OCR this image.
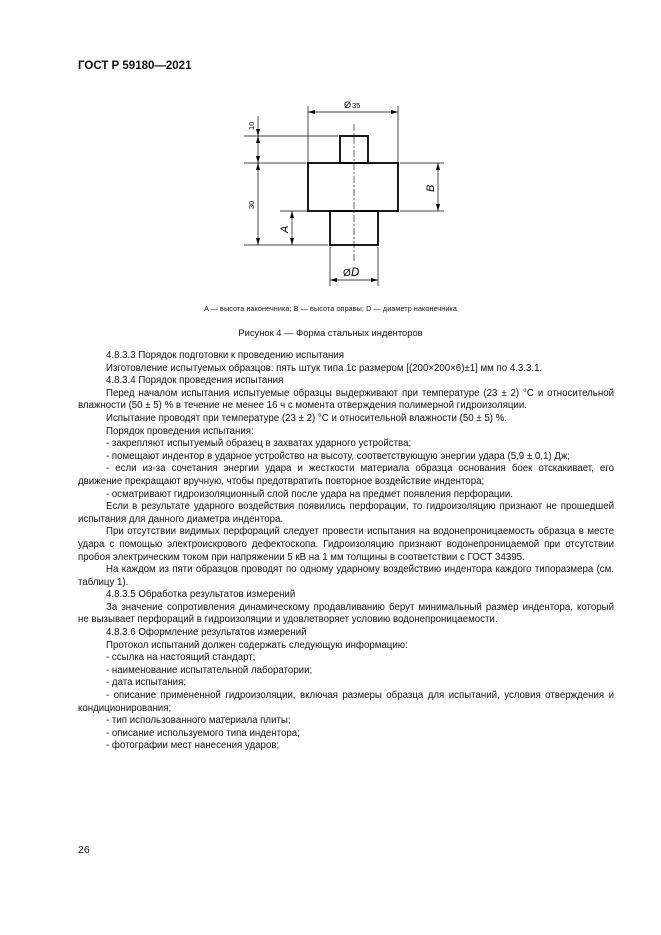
ГОСТ Р 59180—2021
Ø 35
10
30
A
B
Ø D
A — высота наконечника; B — высота оправы; D — диаметр наконечника
Рисунок 4 — Форма стальных инденторов

4.8.3.3 Порядок подготовки к проведению испытания

Изготовление испытуемых образцов: пять штук типа 1с размером [(200×200×6)±1] мм по 4.3.3.1.

4.8.3.4 Порядок проведения испытания

Перед началом испытания испытуемые образцы выдерживают при температуре (23 ± 2) °С и относительной влажности (50 ± 5) % в течение не менее 16 ч с момента отверждения полимерной гидроизоляции.

Испытание проводят при температуре (23 ± 2) °С и относительной влажности (50 ± 5) %.

Порядок проведения испытания:

- закрепляют испытуемый образец в захватах ударного устройства;

- помещают индентор в ударное устройство на высоту, соответствующую энергии удара (5,9 ± 0,1) Дж;

- если из-за сочетания энергии удара и жесткости материала образца основания боек отскакивает, его движение прекращают вручную, чтобы предотвратить повторное воздействие индентора;

- осматривают гидроизоляционный слой после удара на предмет появления перфорации.

Если в результате ударного воздействия появились перфорации, то гидроизоляцию признают не прошедшей испытания для данного диаметра индентора.

При отсутствии видимых перфораций следует провести испытания на водонепроницаемость образца в месте удара с помощью электроискрового дефектоскопа. Гидроизоляцию признают водонепроницаемой при отсутствии пробоя электрическим током при напряжении 5 кВ на 1 мм толщины в соответствии с ГОСТ 34395.

На каждом из пяти образцов проводят по одному ударному воздействию индентора каждого типоразмера (см. таблицу 1).

4.8.3.5 Обработка результатов измерений

За значение сопротивления динамическому продавливанию берут минимальный размер индентора, который не вызывает перфораций в гидроизоляции и удовлетворяет условию водонепроницаемости.

4.8.3.6 Оформление результатов измерений

Протокол испытаний должен содержать следующую информацию:

- ссылка на настоящий стандарт;

- наименование испытательной лаборатории;

- дата испытания;

- описание примененной гидроизоляции, включая размеры образца для испытаний, условия отверждения и кондиционирования;

- тип использованного материала плиты;

- описание используемого типа индентора;

- фотографии мест нанесения ударов;

26
